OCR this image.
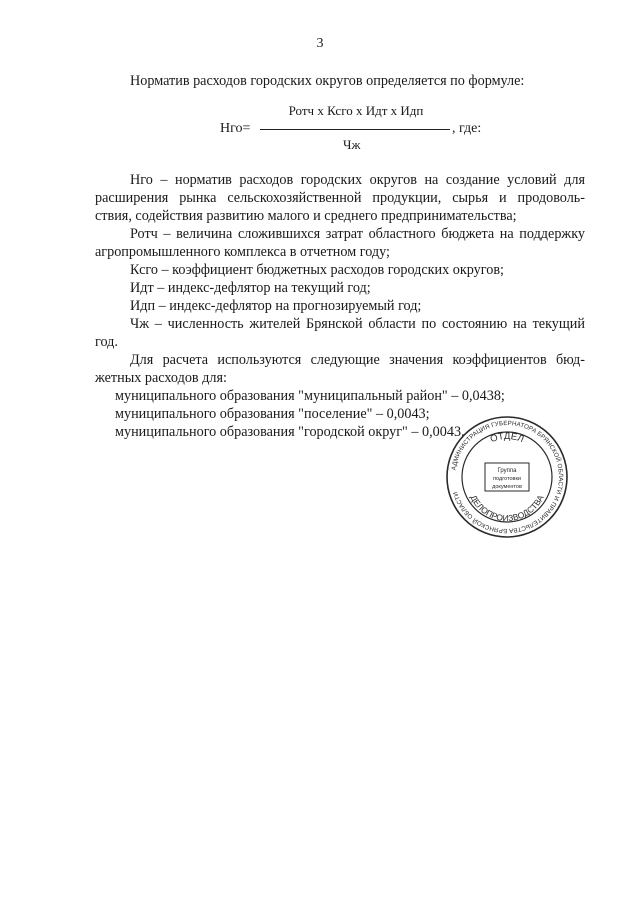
3
Норматив расходов городских округов определяется по формуле:
Ротч х Ксго х Идт х Идп
Нго=	, где:
Чж
Нго – норматив расходов городских округов на создание условий для
расширения рынка сельскохозяйственной продукции, сырья и продоволь-
ствия, содействия развитию малого и среднего предпринимательства;
Ротч – величина сложившихся затрат областного бюджета на поддержку
агропромышленного комплекса в отчетном году;
Ксго – коэффициент бюджетных расходов городских округов;
Идт – индекс-дефлятор на текущий год;
Идп – индекс-дефлятор на прогнозируемый год;
Чж – численность жителей Брянской области по состоянию на текущий
год.
Для расчета используются следующие значения коэффициентов бюд-
жетных расходов для:
муниципального образования "муниципальный район" – 0,0438;
муниципального образования "поселение" – 0,0043;
муниципального образования "городской округ" – 0,0043.
АДМИНИСТРАЦИЯ ГУБЕРНАТОРА БРЯНСКОЙ ОБЛАСТИ И ПРАВИТЕЛЬСТВА БРЯНСКОЙ ОБЛАСТИ
ОТДЕЛ
ДЕЛОПРОИЗВОДСТВА
Группа
подготовки
документов
